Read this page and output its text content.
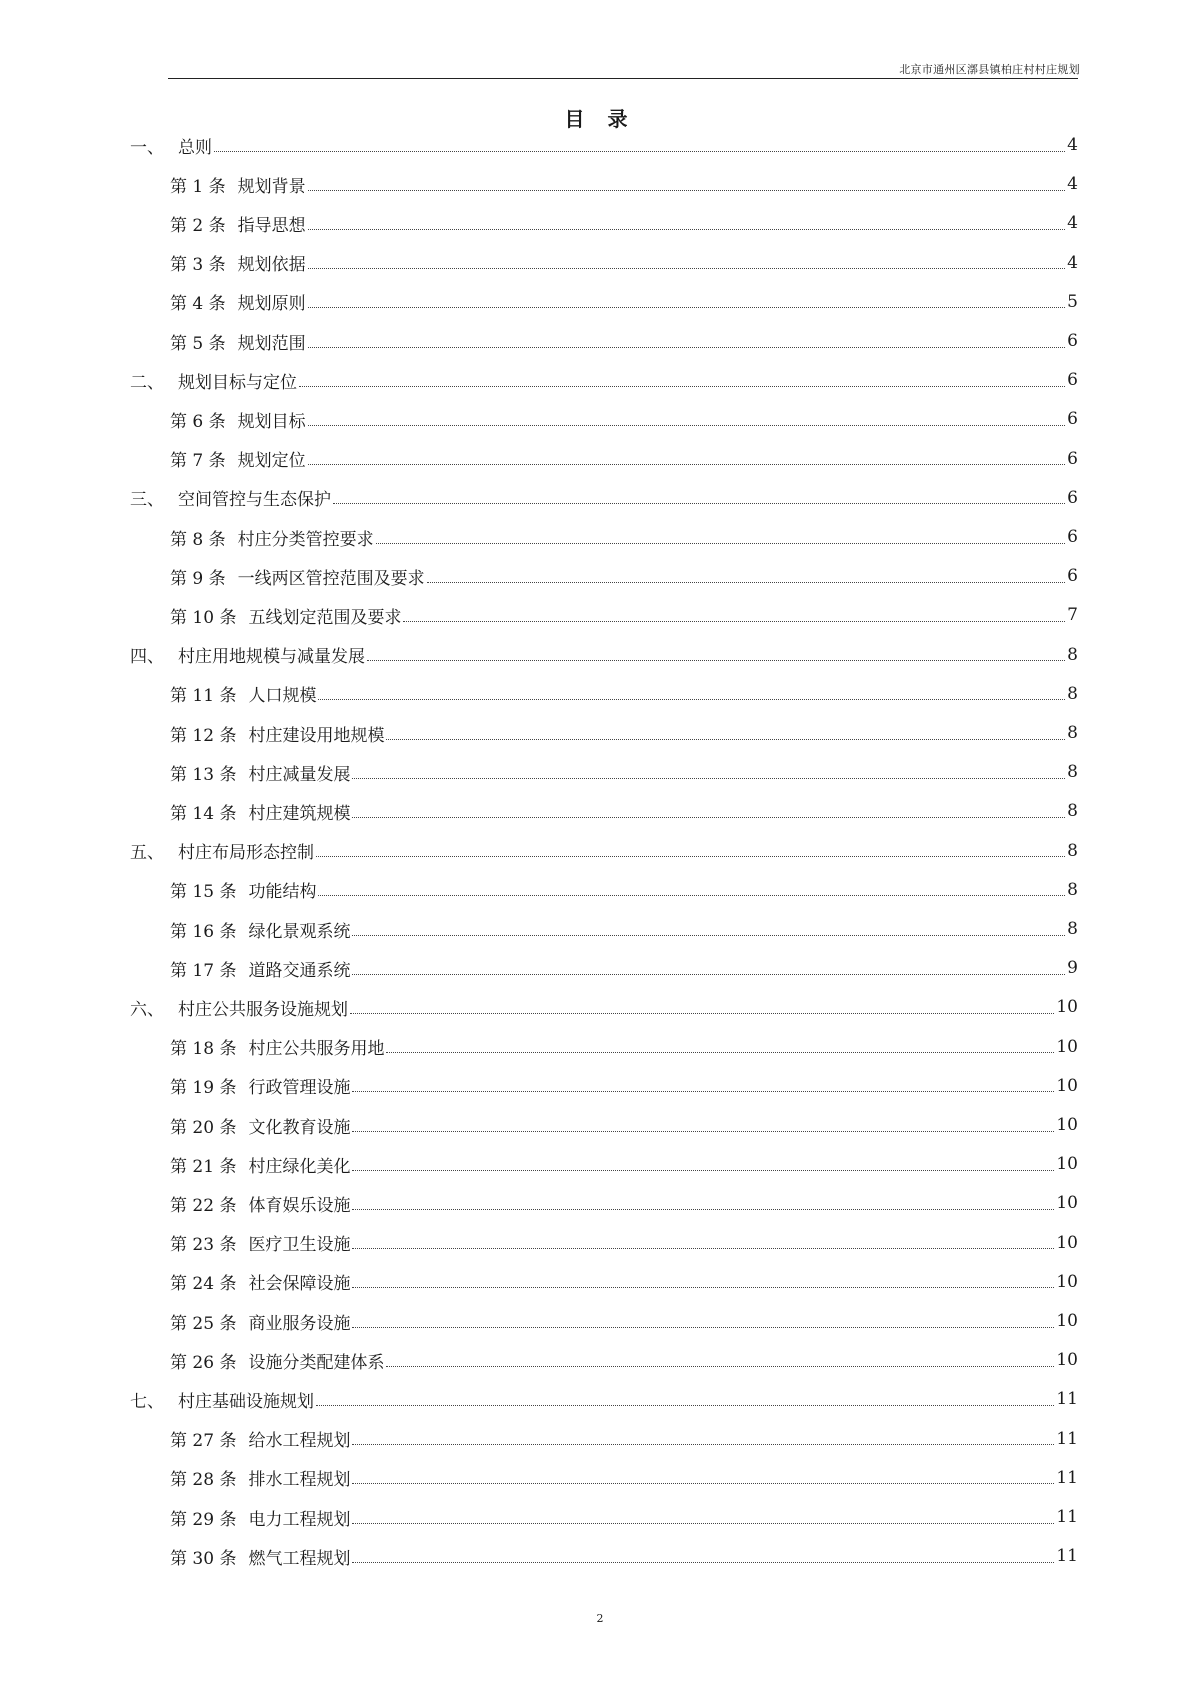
北京市通州区漷县镇柏庄村村庄规划
目 录
一、 总则	4
第 1 条 规划背景	4
第 2 条 指导思想	4
第 3 条 规划依据	4
第 4 条 规划原则	5
第 5 条 规划范围	6
二、 规划目标与定位	6
第 6 条 规划目标	6
第 7 条 规划定位	6
三、 空间管控与生态保护	6
第 8 条 村庄分类管控要求	6
第 9 条 一线两区管控范围及要求	6
第 10 条 五线划定范围及要求	7
四、 村庄用地规模与减量发展	8
第 11 条 人口规模	8
第 12 条 村庄建设用地规模	8
第 13 条 村庄减量发展	8
第 14 条 村庄建筑规模	8
五、 村庄布局形态控制	8
第 15 条 功能结构	8
第 16 条 绿化景观系统	8
第 17 条 道路交通系统	9
六、 村庄公共服务设施规划	10
第 18 条 村庄公共服务用地	10
第 19 条 行政管理设施	10
第 20 条 文化教育设施	10
第 21 条 村庄绿化美化	10
第 22 条 体育娱乐设施	10
第 23 条 医疗卫生设施	10
第 24 条 社会保障设施	10
第 25 条 商业服务设施	10
第 26 条 设施分类配建体系	10
七、 村庄基础设施规划	11
第 27 条 给水工程规划	11
第 28 条 排水工程规划	11
第 29 条 电力工程规划	11
第 30 条 燃气工程规划	11
2
